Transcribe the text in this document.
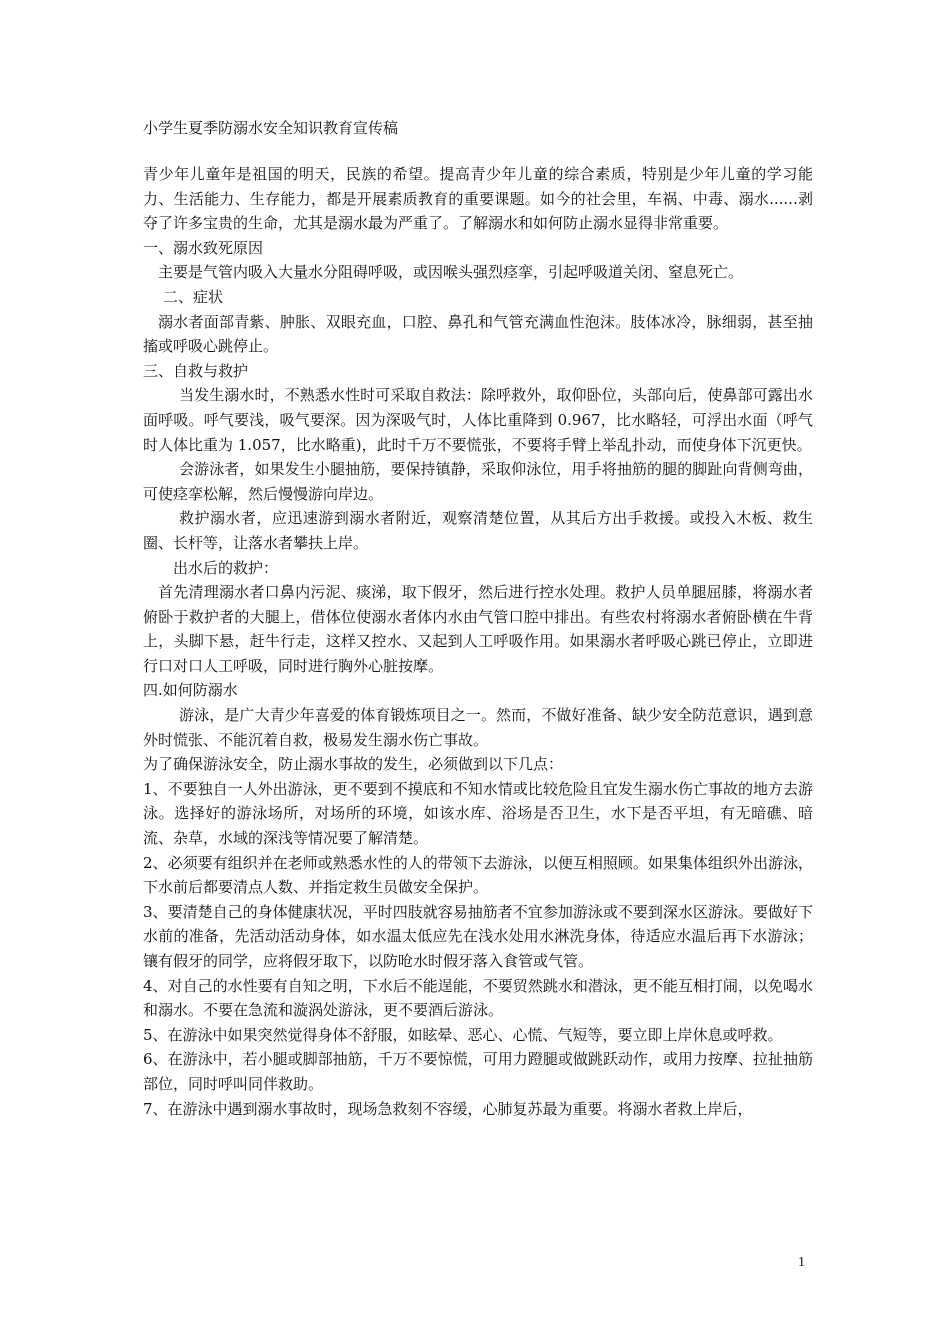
小学生夏季防溺水安全知识教育宣传稿

青少年儿童年是祖国的明天，民族的希望。提高青少年儿童的综合素质，特别是少年儿童的学习能力、生活能力、生存能力，都是开展素质教育的重要课题。如今的社会里，车祸、中毒、溺水......剥夺了许多宝贵的生命，尤其是溺水最为严重了。了解溺水和如何防止溺水显得非常重要。

一、溺水致死原因

主要是气管内吸入大量水分阻碍呼吸，或因喉头强烈痉挛，引起呼吸道关闭、窒息死亡。

二、症状

溺水者面部青紫、肿胀、双眼充血，口腔、鼻孔和气管充满血性泡沫。肢体冰冷，脉细弱，甚至抽搐或呼吸心跳停止。

三、自救与救护

当发生溺水时，不熟悉水性时可采取自救法：除呼救外，取仰卧位，头部向后，使鼻部可露出水面呼吸。呼气要浅，吸气要深。因为深吸气时，人体比重降到 0.967，比水略轻，可浮出水面（呼气时人体比重为 1.057，比水略重)，此时千万不要慌张，不要将手臂上举乱扑动，而使身体下沉更快。

会游泳者，如果发生小腿抽筋，要保持镇静，采取仰泳位，用手将抽筋的腿的脚趾向背侧弯曲，可使痉挛松解，然后慢慢游向岸边。

救护溺水者，应迅速游到溺水者附近，观察清楚位置，从其后方出手救援。或投入木板、救生圈、长杆等，让落水者攀扶上岸。

出水后的救护：

首先清理溺水者口鼻内污泥、痰涕，取下假牙，然后进行控水处理。救护人员单腿屈膝，将溺水者俯卧于救护者的大腿上，借体位使溺水者体内水由气管口腔中排出。有些农村将溺水者俯卧横在牛背上，头脚下悬，赶牛行走，这样又控水、又起到人工呼吸作用。如果溺水者呼吸心跳已停止，立即进行口对口人工呼吸，同时进行胸外心脏按摩。

四.如何防溺水

游泳，是广大青少年喜爱的体育锻炼项目之一。然而，不做好准备、缺少安全防范意识，遇到意外时慌张、不能沉着自救，极易发生溺水伤亡事故。

为了确保游泳安全，防止溺水事故的发生，必须做到以下几点：

1、不要独自一人外出游泳，更不要到不摸底和不知水情或比较危险且宜发生溺水伤亡事故的地方去游泳。选择好的游泳场所，对场所的环境，如该水库、浴场是否卫生，水下是否平坦，有无暗礁、暗流、杂草，水域的深浅等情况要了解清楚。

2、必须要有组织并在老师或熟悉水性的人的带领下去游泳，以便互相照顾。如果集体组织外出游泳，下水前后都要清点人数、并指定救生员做安全保护。

3、要清楚自己的身体健康状况，平时四肢就容易抽筋者不宜参加游泳或不要到深水区游泳。要做好下水前的准备，先活动活动身体，如水温太低应先在浅水处用水淋洗身体，待适应水温后再下水游泳；镶有假牙的同学，应将假牙取下，以防呛水时假牙落入食管或气管。

4、对自己的水性要有自知之明，下水后不能逞能，不要贸然跳水和潜泳，更不能互相打闹，以免喝水和溺水。不要在急流和漩涡处游泳，更不要酒后游泳。

5、在游泳中如果突然觉得身体不舒服，如眩晕、恶心、心慌、气短等，要立即上岸休息或呼救。

6、在游泳中，若小腿或脚部抽筋，千万不要惊慌，可用力蹬腿或做跳跃动作，或用力按摩、拉扯抽筋部位，同时呼叫同伴救助。

7、在游泳中遇到溺水事故时，现场急救刻不容缓，心肺复苏最为重要。将溺水者救上岸后，

1
